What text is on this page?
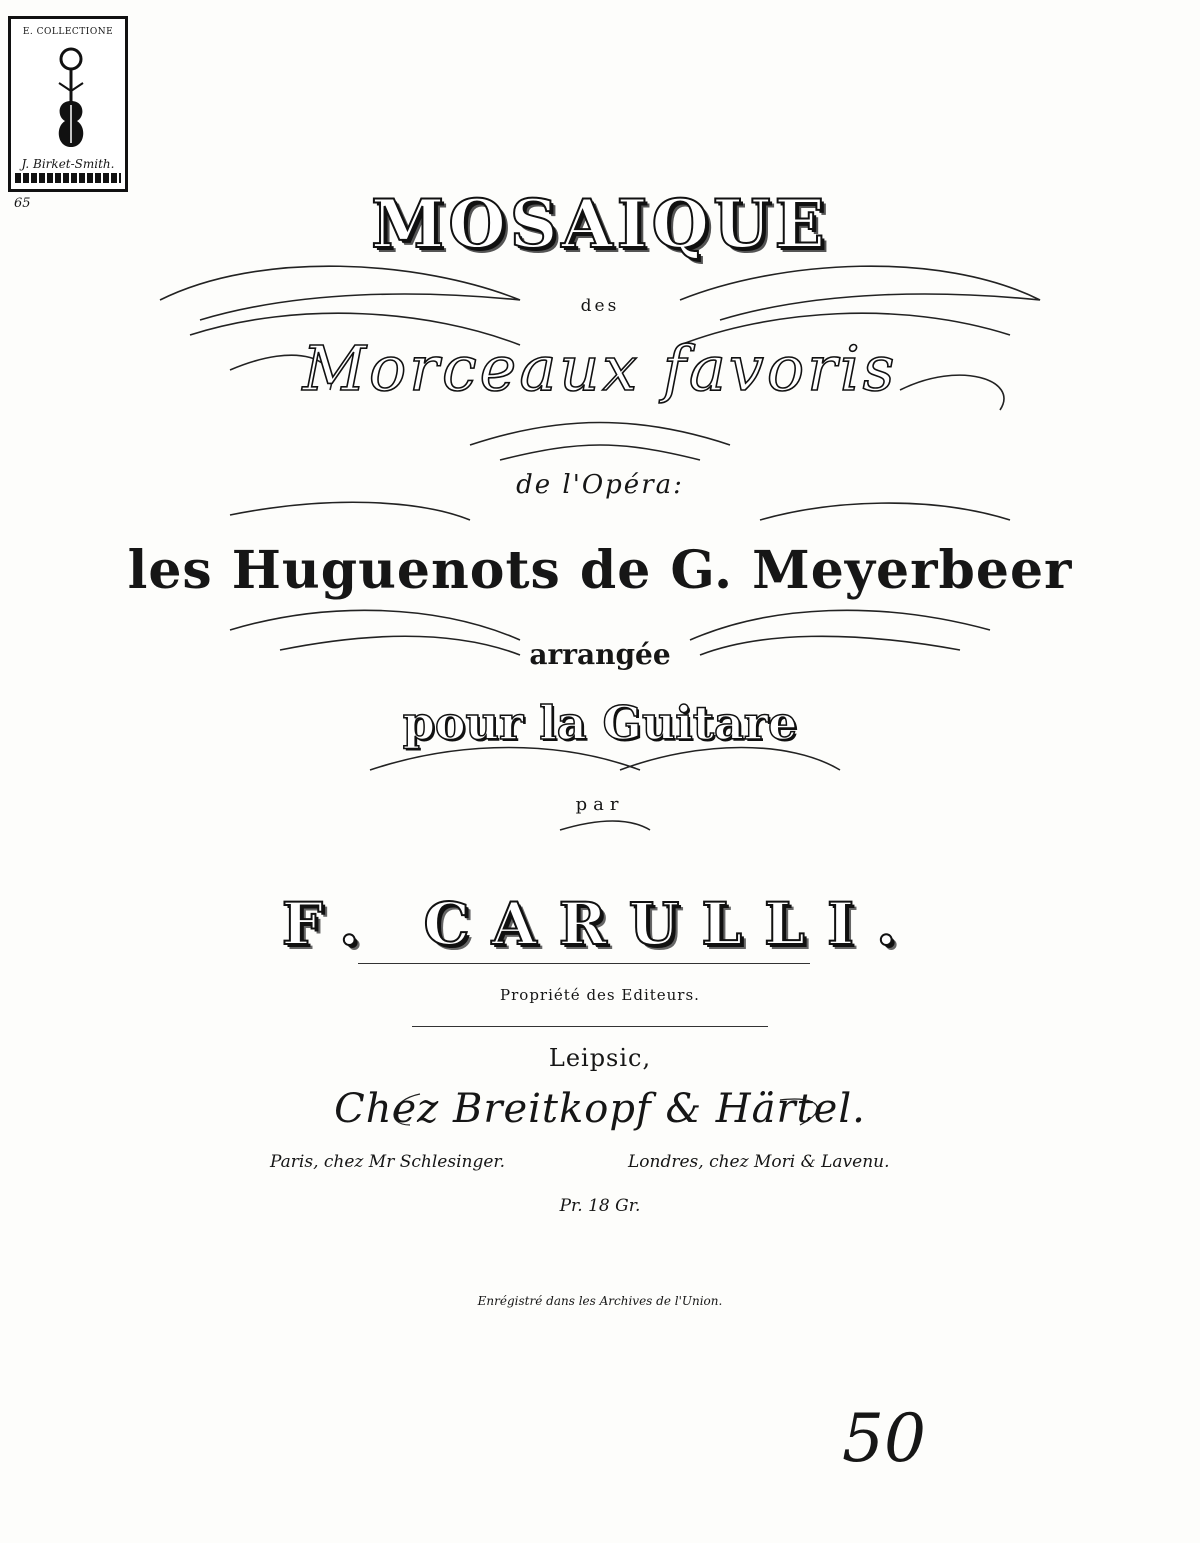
E. COLLECTIONE
J. Birket-Smith.
65	MOSAIQUE
des
Morceaux favoris
de l'Opéra:
les Huguenots de G. Meyerbeer
arrangée
pour la Guitare
par
F. CARULLI.
Propriété des Editeurs.
Leipsic,
Chez Breitkopf & Härtel.
Paris, chez Mr Schlesinger.	Londres, chez Mori & Lavenu.
Pr. 18 Gr.
Enrégistré dans les Archives de l'Union.
50
